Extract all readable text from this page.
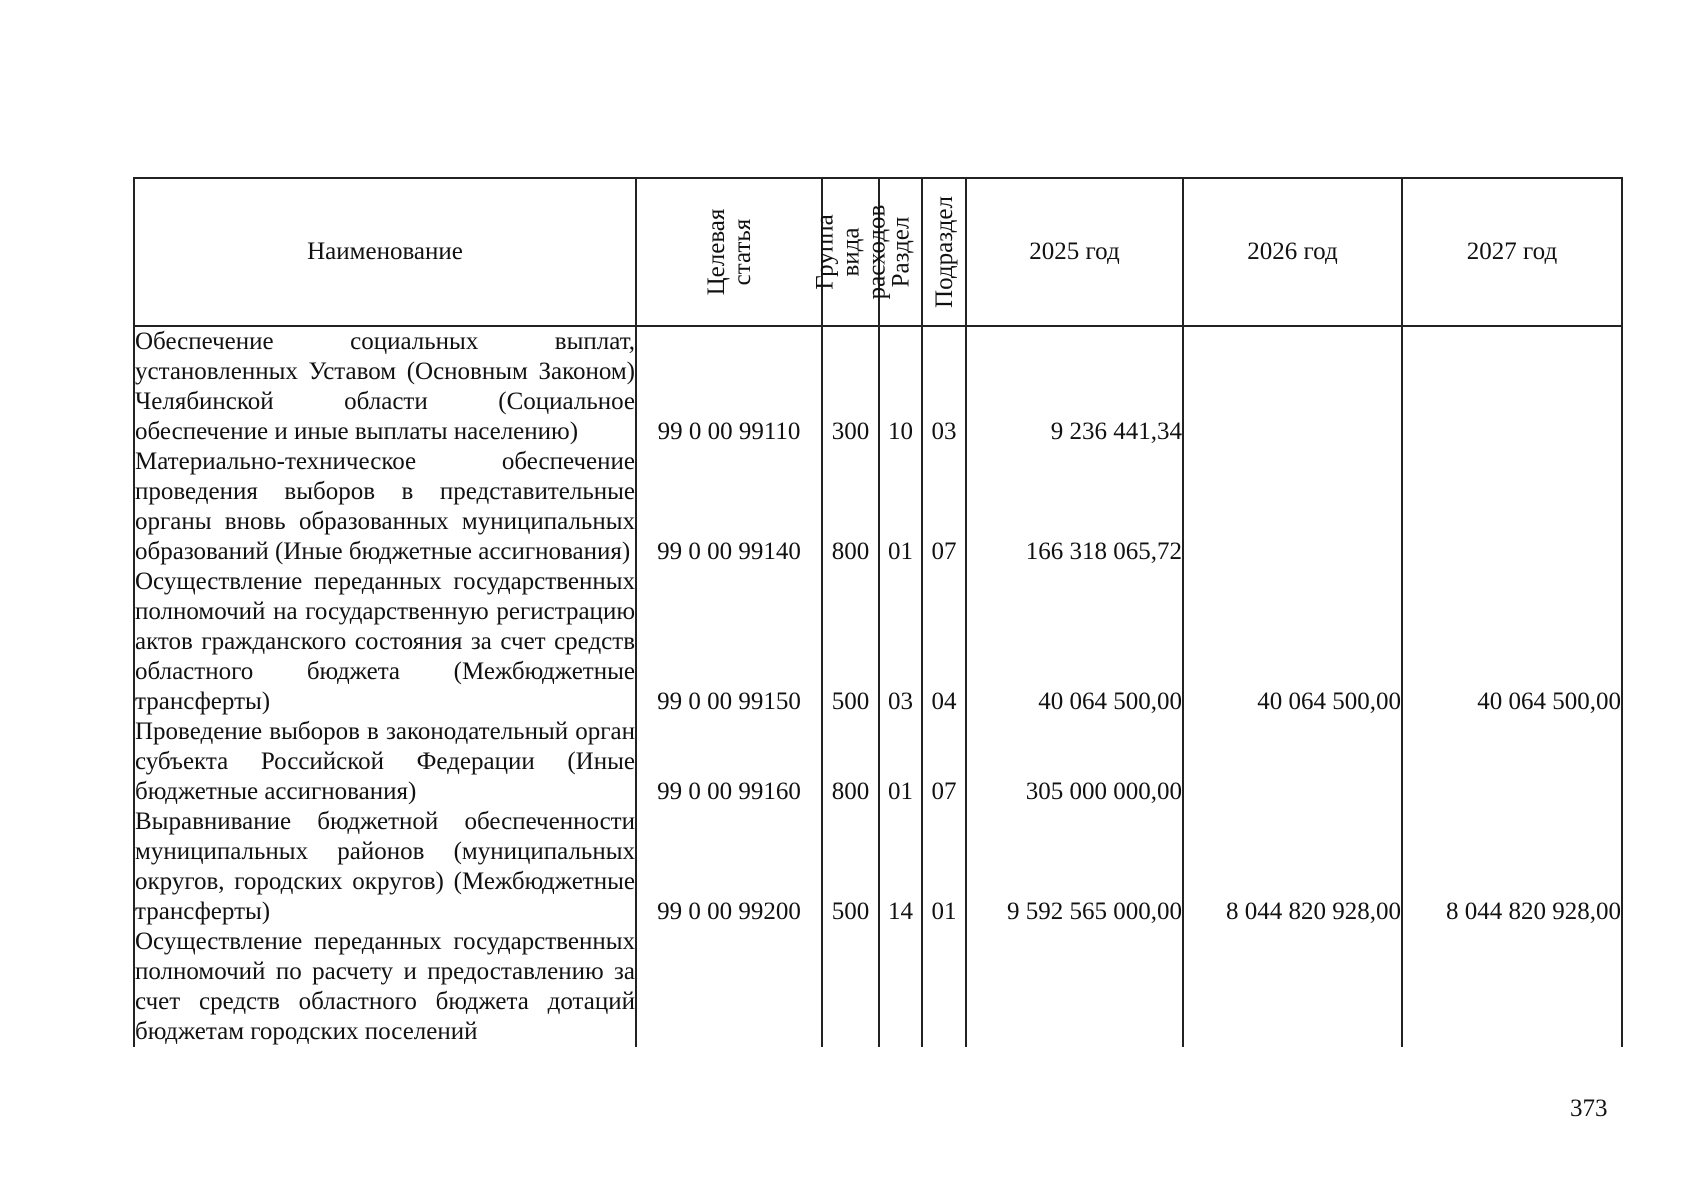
Наименование	Целевая статья	Группа вида расходов	Раздел	Подраздел	2025 год	2026 год	2027 год
Обеспечение социальных выплат, установленных Уставом (Основным Законом) Челябинской области (Социальное обеспечение и иные выплаты населению)	99 0 00 99110	300	10	03	9 236 441,34		
Материально-техническое обеспечение проведения выборов в представительные органы вновь образованных муниципальных образований (Иные бюджетные ассигнования)	99 0 00 99140	800	01	07	166 318 065,72		
Осуществление переданных государственных полномочий на государственную регистрацию актов гражданского состояния за счет средств областного бюджета (Межбюджетные трансферты)	99 0 00 99150	500	03	04	40 064 500,00	40 064 500,00	40 064 500,00
Проведение выборов в законодательный орган субъекта Российской Федерации (Иные бюджетные ассигнования)	99 0 00 99160	800	01	07	305 000 000,00		
Выравнивание бюджетной обеспеченности муниципальных районов (муниципальных округов, городских округов) (Межбюджетные трансферты)	99 0 00 99200	500	14	01	9 592 565 000,00	8 044 820 928,00	8 044 820 928,00
Осуществление переданных государственных полномочий по расчету и предоставлению за счет средств областного бюджета дотаций бюджетам городских поселений							
373
